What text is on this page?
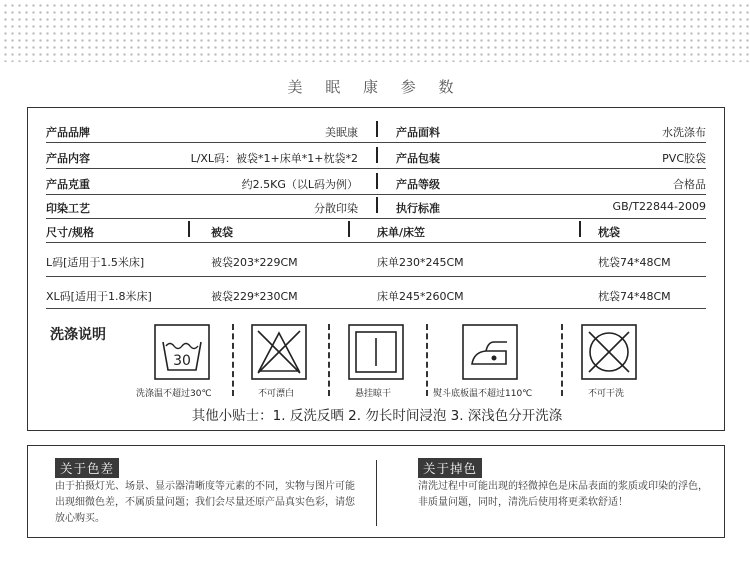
美 眠 康 参 数
产品品牌	美眠康	产品面料	水洗涤布
产品内容	L/XL码：被袋*1+床单*1+枕袋*2	产品包装	PVC胶袋
产品克重	约2.5KG（以L码为例）	产品等级	合格品
印染工艺	分散印染	执行标准	GB/T22844-2009
尺寸/规格	被袋	床单/床笠	枕袋
L码[适用于1.5米床]	被袋203*229CM	床单230*245CM	枕袋74*48CM
XL码[适用于1.8米床]	被袋229*230CM	床单245*260CM	枕袋74*48CM
洗涤说明
30
洗涤温不超过30℃	不可漂白	悬挂晾干	熨斗底板温不超过110℃	不可干洗
其他小贴士：1. 反洗反晒 2. 勿长时间浸泡 3. 深浅色分开洗涤
关于色差
由于拍摄灯光、场景、显示器清晰度等元素的不同，实物与图片可能出现细微色差，不属质量问题；我们会尽量还原产品真实色彩，请您放心购买。
关于掉色
清洗过程中可能出现的轻微掉色是床品表面的浆质或印染的浮色，非质量问题，同时，清洗后使用将更柔软舒适！
